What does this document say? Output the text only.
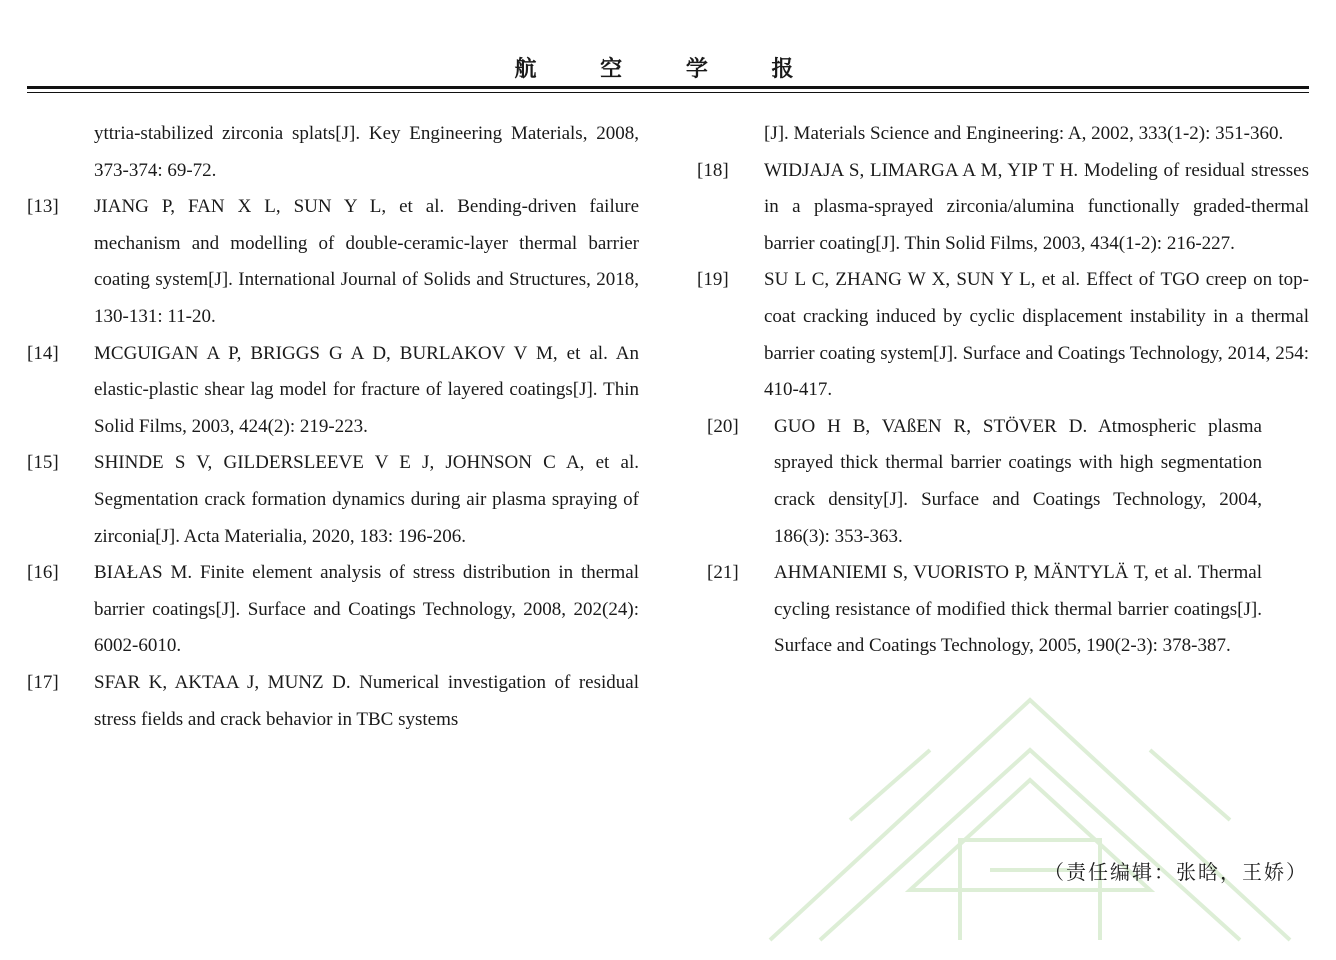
航 空 学 报
yttria-stabilized zirconia splats[J]. Key Engineering Materials, 2008, 373-374: 69-72.
[13]	JIANG P, FAN X L, SUN Y L, et al. Bending-driven failure mechanism and modelling of double-ceramic-layer thermal barrier coating system[J]. International Journal of Solids and Structures, 2018, 130-131: 11-20.
[14]	MCGUIGAN A P, BRIGGS G A D, BURLAKOV V M, et al. An elastic-plastic shear lag model for fracture of layered coatings[J]. Thin Solid Films, 2003, 424(2): 219-223.
[15]	SHINDE S V, GILDERSLEEVE V E J, JOHNSON C A, et al. Segmentation crack formation dynamics during air plasma spraying of zirconia[J]. Acta Materialia, 2020, 183: 196-206.
[16]	BIAŁAS M. Finite element analysis of stress distribution in thermal barrier coatings[J]. Surface and Coatings Technology, 2008, 202(24): 6002-6010.
[17]	SFAR K, AKTAA J, MUNZ D. Numerical investigation of residual stress fields and crack behavior in TBC systems
[J]. Materials Science and Engineering: A, 2002, 333(1-2): 351-360.
[18]	WIDJAJA S, LIMARGA A M, YIP T H. Modeling of residual stresses in a plasma-sprayed zirconia/alumina functionally graded-thermal barrier coating[J]. Thin Solid Films, 2003, 434(1-2): 216-227.
[19]	SU L C, ZHANG W X, SUN Y L, et al. Effect of TGO creep on top-coat cracking induced by cyclic displacement instability in a thermal barrier coating system[J]. Surface and Coatings Technology, 2014, 254: 410-417.
[20]	GUO H B, VAßEN R, STÖVER D. Atmospheric plasma sprayed thick thermal barrier coatings with high segmentation crack density[J]. Surface and Coatings Technology, 2004, 186(3): 353-363.
[21]	AHMANIEMI S, VUORISTO P, MÄNTYLÄ T, et al. Thermal cycling resistance of modified thick thermal barrier coatings[J]. Surface and Coatings Technology, 2005, 190(2-3): 378-387.
（责任编辑：张晗，王娇）
